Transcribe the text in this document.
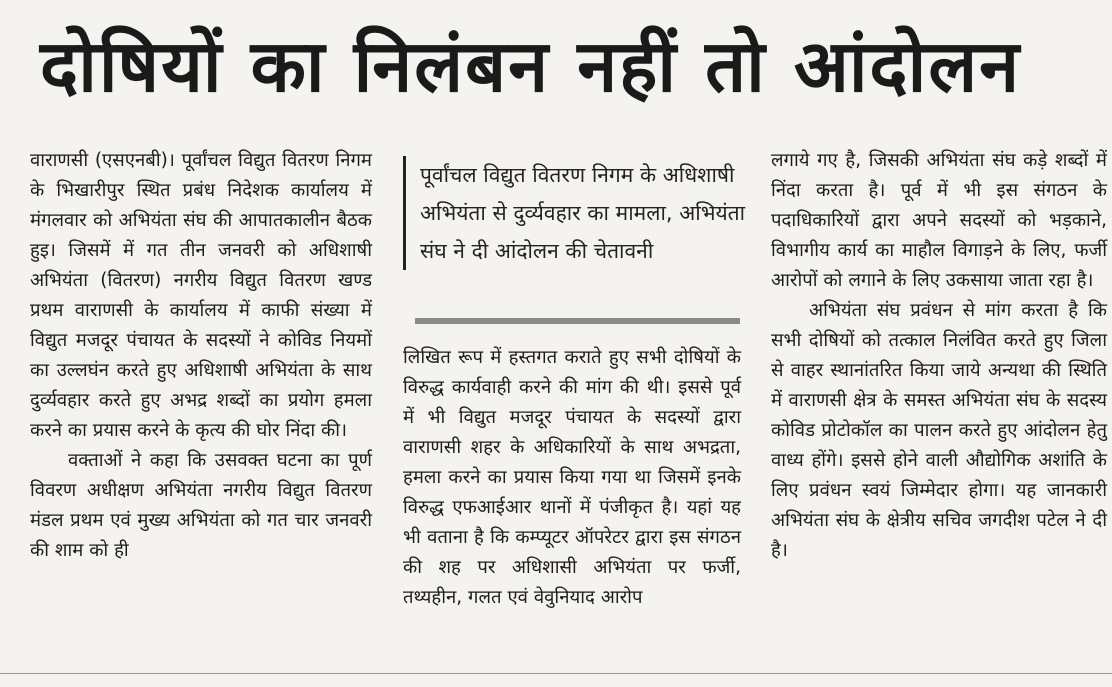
दोषियों का निलंबन नहीं तो आंदोलन

वाराणसी (एसएनबी)। पूर्वांचल विद्युत वितरण निगम के भिखारीपुर स्थित प्रबंध निदेशक कार्यालय में मंगलवार को अभियंता संघ की आपातकालीन बैठक हुइ। जिसमें में गत तीन जनवरी को अधिशाषी अभियंता (वितरण) नगरीय विद्युत वितरण खण्ड प्रथम वाराणसी के कार्यालय में काफी संख्या में विद्युत मजदूर पंचायत के सदस्यों ने कोविड नियमों का उल्लघंन करते हुए अधिशाषी अभियंता के साथ दुर्व्यवहार करते हुए अभद्र शब्दों का प्रयोग हमला करने का प्रयास करने के कृत्य की घोर निंदा की।

वक्ताओं ने कहा कि उसवक्त घटना का पूर्ण विवरण अधीक्षण अभियंता नगरीय विद्युत वितरण मंडल प्रथम एवं मुख्य अभियंता को गत चार जनवरी की शाम को ही

पूर्वांचल विद्युत वितरण निगम के अधिशाषी अभियंता से दुर्व्यवहार का मामला, अभियंता संघ ने दी आंदोलन की चेतावनी

लिखित रूप में हस्तगत कराते हुए सभी दोषियों के विरुद्ध कार्यवाही करने की मांग की थी। इससे पूर्व में भी विद्युत मजदूर पंचायत के सदस्यों द्वारा वाराणसी शहर के अधिकारियों के साथ अभद्रता, हमला करने का प्रयास किया गया था जिसमें इनके विरुद्ध एफआईआर थानों में पंजीकृत है। यहां यह भी वताना है कि कम्प्यूटर ऑपरेटर द्वारा इस संगठन की शह पर अधिशासी अभियंता पर फर्जी, तथ्यहीन, गलत एवं वेवुनियाद आरोप

लगाये गए है, जिसकी अभियंता संघ कड़े शब्दों में निंदा करता है। पूर्व में भी इस संगठन के पदाधिकारियों द्वारा अपने सदस्यों को भड़काने, विभागीय कार्य का माहौल विगाड़ने के लिए, फर्जी आरोपों को लगाने के लिए उकसाया जाता रहा है।

अभियंता संघ प्रवंधन से मांग करता है कि सभी दोषियों को तत्काल निलंवित करते हुए जिला से वाहर स्थानांतरित किया जाये अन्यथा की स्थिति में वाराणसी क्षेत्र के समस्त अभियंता संघ के सदस्य कोविड प्रोटोकॉल का पालन करते हुए आंदोलन हेतु वाध्य होंगे। इससे होने वाली औद्योगिक अशांति के लिए प्रवंधन स्वयं जिम्मेदार होगा। यह जानकारी अभियंता संघ के क्षेत्रीय सचिव जगदीश पटेल ने दी है।
